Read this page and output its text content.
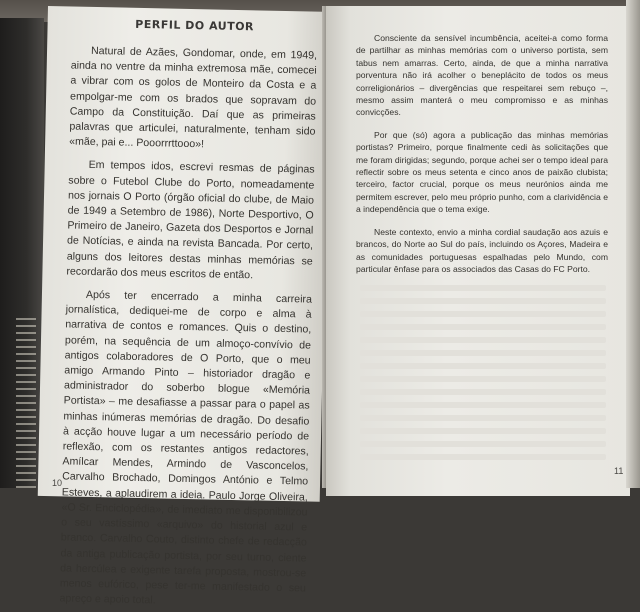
PERFIL DO AUTOR

Natural de Azães, Gondomar, onde, em 1949, ainda no ventre da minha extremosa mãe, comecei a vibrar com os golos de Monteiro da Costa e a empolgar-me com os brados que sopravam do Campo da Constituição. Daí que as primeiras palavras que articulei, naturalmente, tenham sido «mãe, pai e... Pooorrrttooo»!

Em tempos idos, escrevi resmas de páginas sobre o Futebol Clube do Porto, nomeadamente nos jornais O Porto (órgão oficial do clube, de Maio de 1949 a Setembro de 1986), Norte Desportivo, O Primeiro de Janeiro, Gazeta dos Desportos e Jornal de Notícias, e ainda na revista Bancada. Por certo, alguns dos leitores destas minhas memórias se recordarão dos meus escritos de então.

Após ter encerrado a minha carreira jornalística, dediquei-me de corpo e alma à narrativa de contos e romances. Quis o destino, porém, na sequência de um almoço-convívio de antigos colaboradores de O Porto, que o meu amigo Armando Pinto – historiador dragão e administrador do soberbo blogue «Memória Portista» – me desafiasse a passar para o papel as minhas inúmeras memórias de dragão. Do desafio à acção houve lugar a um necessário período de reflexão, com os restantes antigos redactores, Amílcar Mendes, Armindo de Vasconcelos, Carvalho Brochado, Domingos António e Telmo Esteves, a aplaudirem a ideia. Paulo Jorge Oliveira, «O Sr. Enciclopédia», de imediato me disponibilizou o seu vastíssimo «arquivo» do historial azul e branco. Carvalho Couto, distinto chefe de redacção da antiga publicação portista, por seu turno, ciente da hercúlea e exigente tarefa proposta, mostrou-se menos eufórico, pese ter-me manifestado o seu apreço e apoio total.

Consciente da sensível incumbência, aceitei-a como forma de partilhar as minhas memórias com o universo portista, sem tabus nem amarras. Certo, ainda, de que a minha narrativa porventura não irá acolher o beneplácito de todos os meus correligionários – divergências que respeitarei sem rebuço –, mesmo assim manterá o meu compromisso e as minhas convicções.

Por que (só) agora a publicação das minhas memórias portistas? Primeiro, porque finalmente cedi às solicitações que me foram dirigidas; segundo, porque achei ser o tempo ideal para reflectir sobre os meus setenta e cinco anos de paixão clubista; terceiro, factor crucial, porque os meus neurónios ainda me permitem escrever, pelo meu próprio punho, com a clarividência e a independência que o tema exige.

Neste contexto, envio a minha cordial saudação aos azuis e brancos, do Norte ao Sul do país, incluindo os Açores, Madeira e as comunidades portuguesas espalhadas pelo Mundo, com particular ênfase para os associados das Casas do FC Porto.

10
11
